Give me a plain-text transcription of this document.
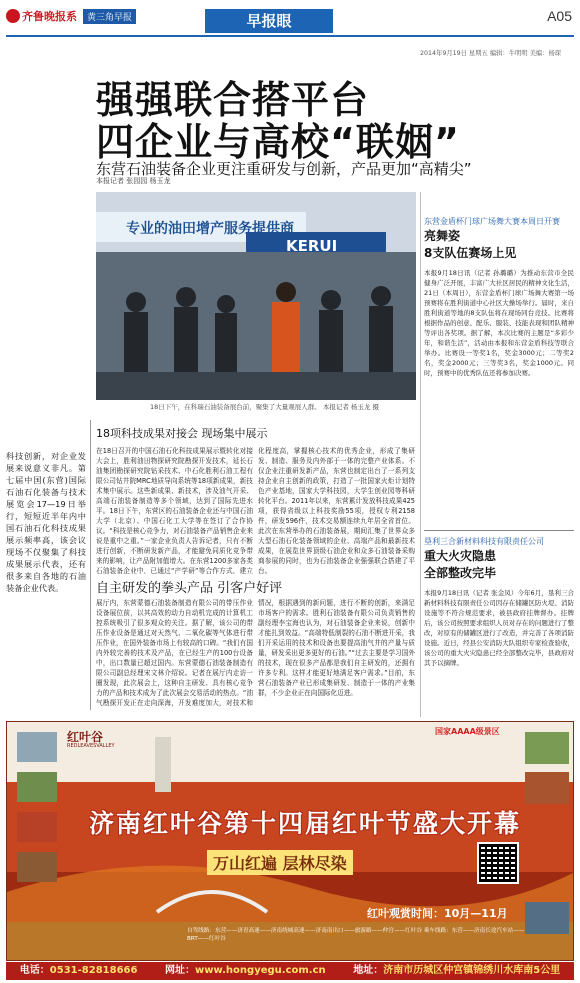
齐鲁晚报系	黄三角早报	早报眼	A05
2014年9月19日 星期五 编辑：牛明明 美编：杨琛
强强联合搭平台
四企业与高校“联姻”
东营石油装备企业更注重研发与创新，产品更加“高精尖”
本报记者 张园园 杨玉龙
专业的油田增产服务提供商
KERUI
18日下午，在科瑞石油装备展台前，聚集了大量观展人群。 本报记者 杨玉龙 摄
科技创新，对企业发展来说意义非凡。第七届中国(东营)国际石油石化装备与技术展览会17—19日举行，短短近半年内中国石油石化科技成果展示频率高，该会议现场不仅聚集了科技成果展示代表，还有很多来自各地的石油装备企业代表。
18项科技成果对接会 现场集中展示
在18日召开的中国石油石化科技成果展示暨转化对接大会上，胜利油田物探研究院勘探开发技术，延长石油集团勘探研究院钻采技术、中石化胜利石油工程有限公司钻井院MRC地质导向系统等18项新成果，新技术集中展示。这些新成果、新技术，涉及油气开采、高端石油装备制造等多个领域，达到了国际先进水平。18日下午，东营区的石油装备企业还与中国石油大学（北京）、中国石化工大学等在签订了合作协议。“科技是核心竞争力，对石油装备产品销售企业来说是重中之重。”一家企业负责人告诉记者，只有不断进行创新，不断研发新产品，才能避免同质化竞争带来的影响，让产品附加值增大。在东营1200多家各类石油装备企业中，已通过“产学研”等合作方式，建立
化程度高，掌握核心技术的优秀企业，形成了集研发、制造、服务及内外部于一体的完整产业体系。不仅企业注重研发新产品，东营也制定出台了一系列支持企业自主创新的政策，打造了一批国家火炬计划特色产业基地，国家大学科技园，大学生创业园等科研转化平台。2011年以来，东营累计发放科技成果425项，获得省级以上科技奖励55项，授权专利2158件，研发596件，技术交易额连续九年居全省首位。此次在东营举办的石油装备展，期间汇集了世界众多大型石油石化装备领域的企业、高端产品和最新技术成果，在展览世界顶级石油企业和众多石油装备采购商参展的同时，也为石油装备企业强强联合搭建了平台。
自主研发的拳头产品 引客户好评
展厅内，东营蒙德石油装备制造有限公司的带压作业设备展位前，以其高效的动力自动机完成的计算机工控系统吸引了很多观众的关注。据了解，该公司的带压作业设备是通过对天然气、二氧化碳等气体进行带压作业，在国外装备市场上有较高的口碑。“我们有国内外较完善的技术及产品，在已经生产的100台设备中，出口数量已超过国内。东营蒙德石油装备制造有限公司副总经理宋文林介绍说。记者在展厅内走访一圈发现，此次展会上，这种自主研发、具有核心竞争力的产品和技术成为了此次展会交易活动的热点。“油气勘探开发正在走向深海，开发难度加大，对技术和
情况，根据遇到的新问题，进行不断的创新，来满足市场客户的需求。胜利石油装备有限公司负责销售的副经理李宝海也认为，对石油装备企业来说，创新中才能扎到效益。“高端特低制裂的石油不断进开采，我们开采运用的技术和设备也要提高油气井的产量与质量，研发采出更多更好的石油。”“过去主要是学习国外的技术，现在很多产品都是我们自主研发的，还拥有许多专利。这样才能更好地满足客户需求。”目前，东营石油装备产业已形成集研发、制造于一体的产业集群，不少企业正在向国际化迈进。
东营金盾杯门球广场舞大赛本周日开赛
亮舞姿
8支队伍赛场上见
本报9月18日讯（记者 孙璐璐）为推动东营市全民健身广泛开展，丰富广大社区居民的精神文化生活，21日（本周日），东营金盾杯门球广场舞大赛第一场预赛将在胜利街道中心社区大操场举行。届时，来自胜利街道等地的8支队伍将在现场同台竞技。比赛将根据作品的创意、配乐、服装、技能表现和团队精神等评出各奖项。据了解，本次比赛的主题是“多彩少年，和谐生活”，活动由本报和东营金盾科技等联合举办。比赛设一等奖1名，奖金3000元；二等奖2名，奖金2000元；三等奖3名，奖金1000元。同时，预赛中的优秀队伍还将参加决赛。
垦利三合新材料科技有限责任公司
重大火灾隐患
全部整改完毕
本报9月18日讯（记者 张金凤）今年6月，垦利三合新材料科技有限责任公司因存在储罐区防火堤、消防设施等不符合规范要求，被县政府挂牌督办。挂牌后，该公司按照要求组织人员对存在的问题进行了整改，对原有的储罐区进行了改造，并完善了各项消防设施。近日，经县公安消防大队组织专家检查验收，该公司的重大火灾隐患已经全部整改完毕，县政府对其予以摘牌。
红叶谷
REDLEAVESVALLEY
国家AAAA级景区
济南红叶谷第十四届红叶节盛大开幕
万山红遍 层林尽染
红叶观赏时间：10月—11月
自驾线路：东营——济青高速——济南绕城高速——济南南出口——旅游路——仲宫——红叶谷 乘车线路：东营——济南长途汽车站——BRT——红叶谷
电话：0531-82818666	网址：www.hongyegu.com.cn	地址：济南市历城区仲宫镇锦绣川水库南5公里
